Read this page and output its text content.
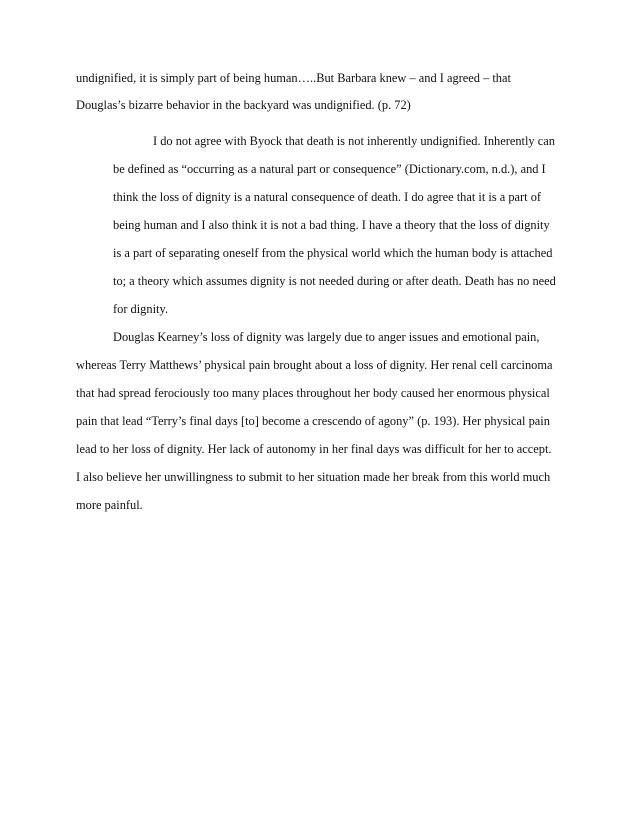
undignified, it is simply part of being human…..But Barbara knew – and I agreed – that
Douglas’s bizarre behavior in the backyard was undignified. (p. 72)
I do not agree with Byock that death is not inherently undignified. Inherently can
be defined as “occurring as a natural part or consequence” (Dictionary.com, n.d.), and I
think the loss of dignity is a natural consequence of death. I do agree that it is a part of
being human and I also think it is not a bad thing. I have a theory that the loss of dignity
is a part of separating oneself from the physical world which the human body is attached
to; a theory which assumes dignity is not needed during or after death. Death has no need
for dignity.
Douglas Kearney’s loss of dignity was largely due to anger issues and emotional pain,
whereas Terry Matthews’ physical pain brought about a loss of dignity. Her renal cell carcinoma
that had spread ferociously too many places throughout her body caused her enormous physical
pain that lead “Terry’s final days [to] become a crescendo of agony” (p. 193). Her physical pain
lead to her loss of dignity. Her lack of autonomy in her final days was difficult for her to accept.
I also believe her unwillingness to submit to her situation made her break from this world much
more painful.
